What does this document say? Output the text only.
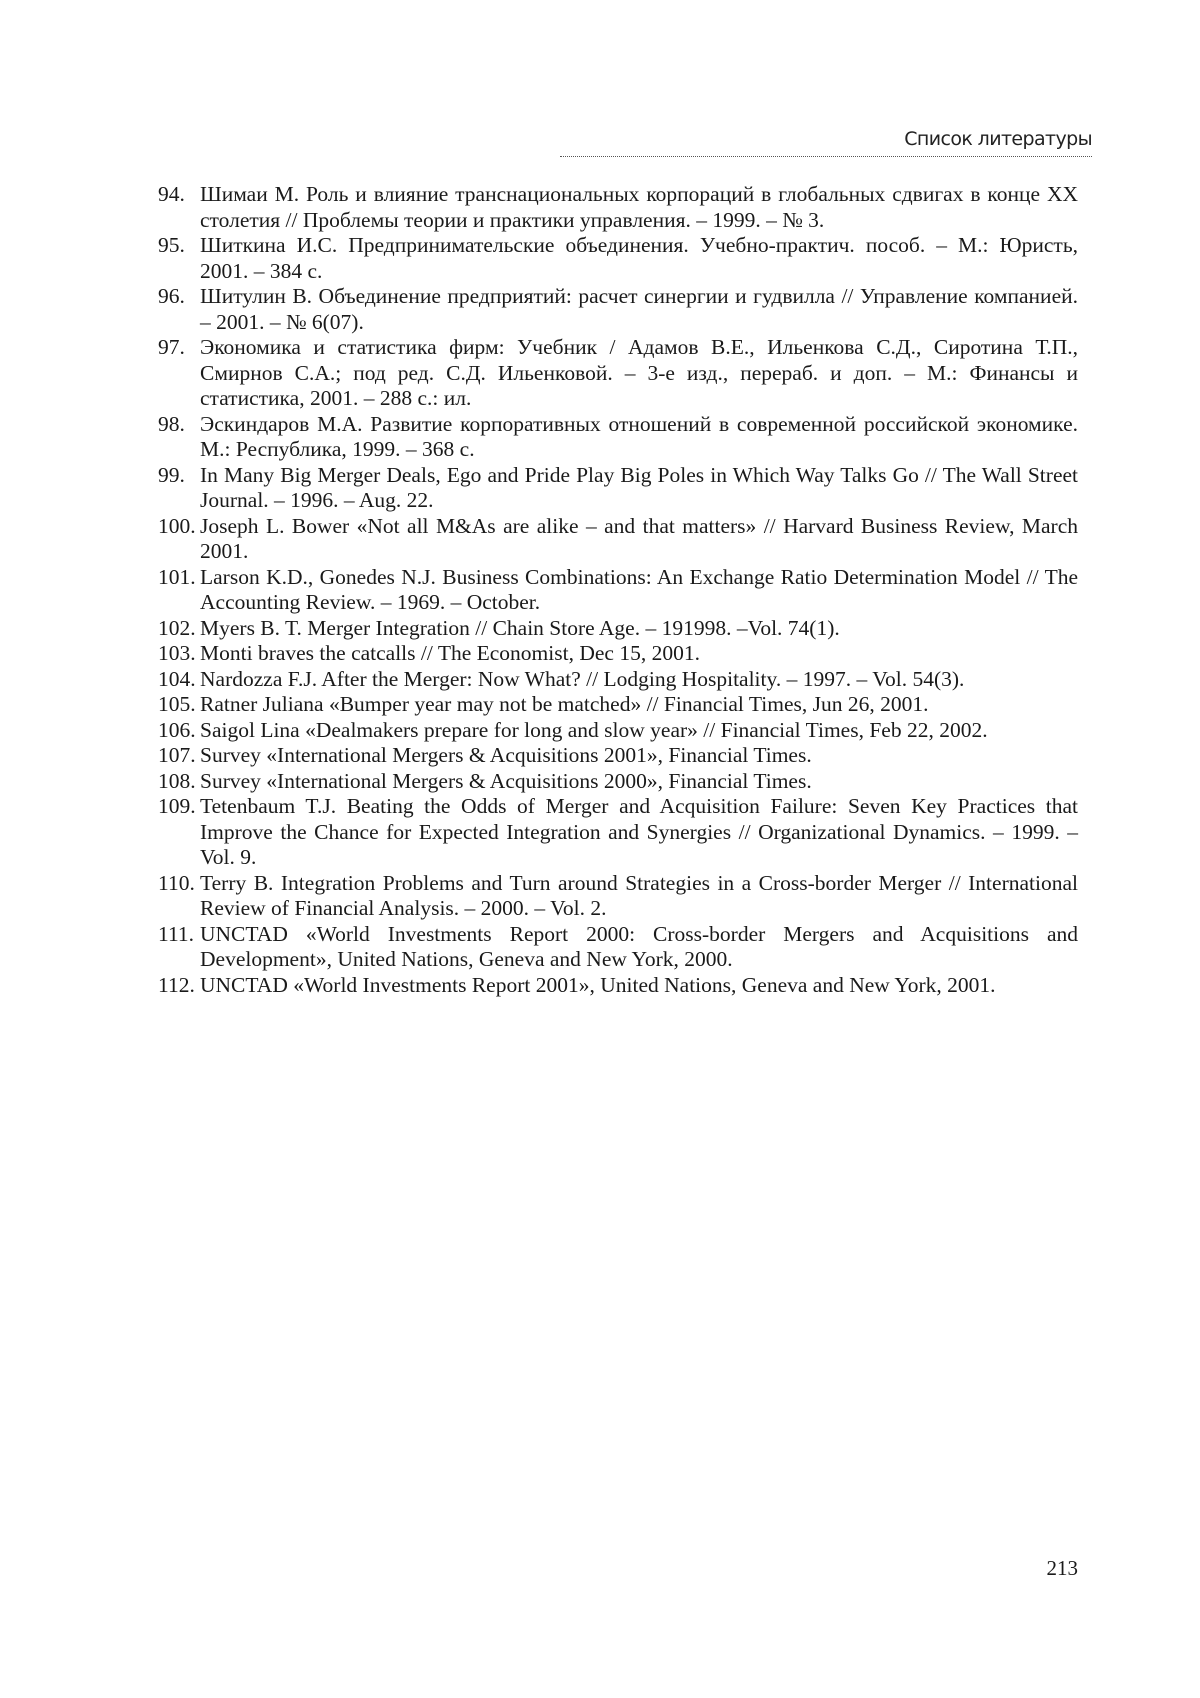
Список литературы
94. Шимаи М. Роль и влияние транснациональных корпораций в глобальных сдвигах в конце XX столетия // Проблемы теории и практики управления. – 1999. – № 3.
95. Шиткина И.С. Предпринимательские объединения. Учебно-практич. пособ. – М.: Юристь, 2001. – 384 с.
96. Шитулин В. Объединение предприятий: расчет синергии и гудвилла // Управление компанией. – 2001. – № 6(07).
97. Экономика и статистика фирм: Учебник / Адамов В.Е., Ильенкова С.Д., Сиротина Т.П., Смирнов С.А.; под ред. С.Д. Ильенковой. – 3-е изд., перераб. и доп. – М.: Финансы и статистика, 2001. – 288 с.: ил.
98. Эскиндаров М.А. Развитие корпоративных отношений в современной российской экономике. М.: Республика, 1999. – 368 с.
99. In Many Big Merger Deals, Ego and Pride Play Big Poles in Which Way Talks Go // The Wall Street Journal. – 1996. – Aug. 22.
100. Joseph L. Bower «Not all M&As are alike – and that matters» // Harvard Business Review, March 2001.
101. Larson K.D., Gonedes N.J. Business Combinations: An Exchange Ratio Determination Model // The Accounting Review. – 1969. – October.
102. Myers B. T. Merger Integration // Chain Store Age. – 191998. –Vol. 74(1).
103. Monti braves the catcalls // The Economist, Dec 15, 2001.
104. Nardozza F.J. After the Merger: Now What? // Lodging Hospitality. – 1997. – Vol. 54(3).
105. Ratner Juliana «Bumper year may not be matched» // Financial Times, Jun 26, 2001.
106. Saigol Lina «Dealmakers prepare for long and slow year» // Financial Times, Feb 22, 2002.
107. Survey «International Mergers & Acquisitions 2001», Financial Times.
108. Survey «International Mergers & Acquisitions 2000», Financial Times.
109. Tetenbaum T.J. Beating the Odds of Merger and Acquisition Failure: Seven Key Practices that Improve the Chance for Expected Integration and Synergies // Organizational Dynamics. – 1999. – Vol. 9.
110. Terry B. Integration Problems and Turn around Strategies in a Cross-border Merger // International Review of Financial Analysis. – 2000. – Vol. 2.
111. UNCTAD «World Investments Report 2000: Cross-border Mergers and Acquisitions and Development», United Nations, Geneva and New York, 2000.
112. UNCTAD «World Investments Report 2001», United Nations, Geneva and New York, 2001.
213
